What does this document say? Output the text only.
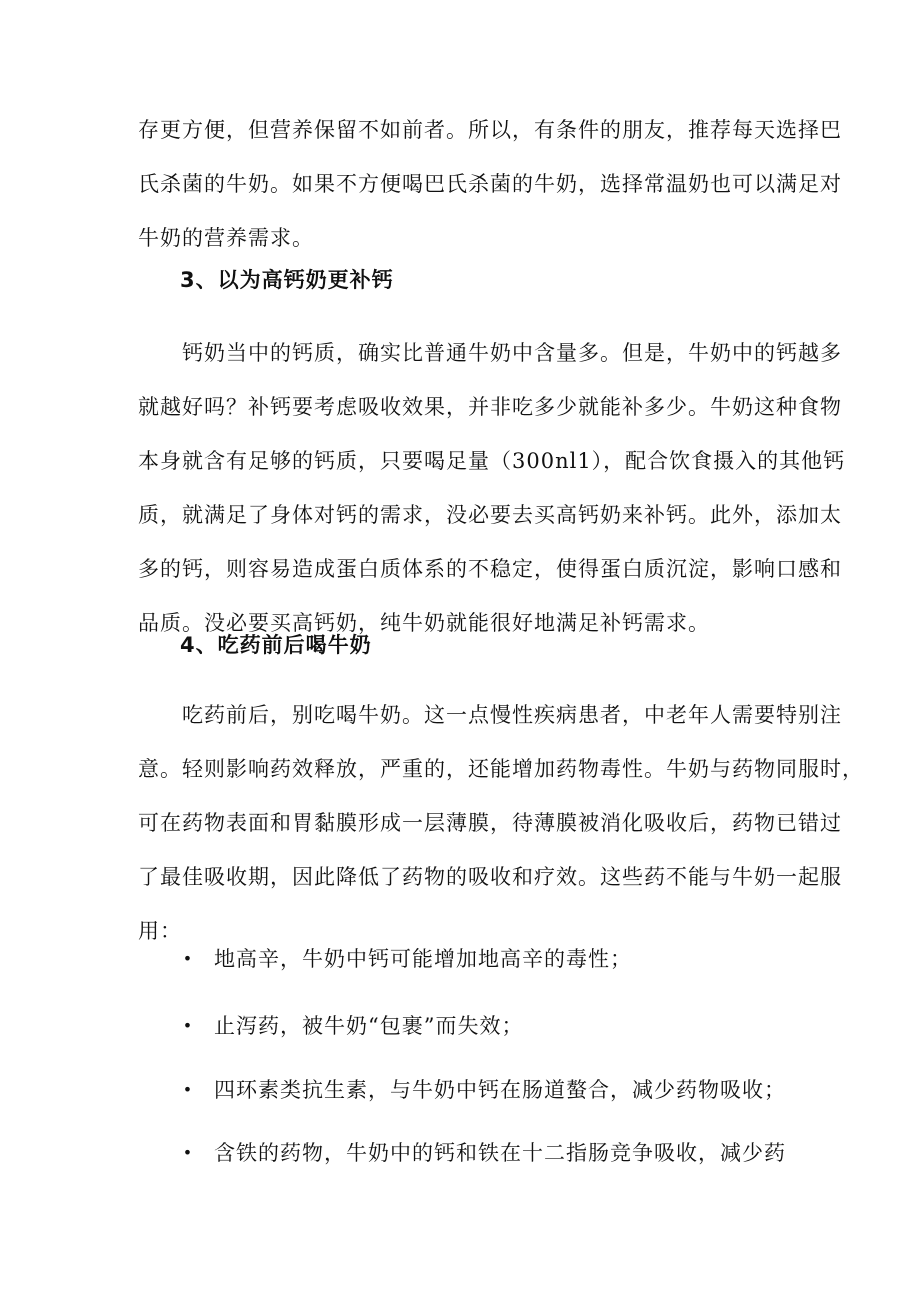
存更方便，但营养保留不如前者。所以，有条件的朋友，推荐每天选择巴
氏杀菌的牛奶。如果不方便喝巴氏杀菌的牛奶，选择常温奶也可以满足对
牛奶的营养需求。
3、以为高钙奶更补钙
　　钙奶当中的钙质，确实比普通牛奶中含量多。但是，牛奶中的钙越多
就越好吗？补钙要考虑吸收效果，并非吃多少就能补多少。牛奶这种食物
本身就含有足够的钙质，只要喝足量（300nl1），配合饮食摄入的其他钙
质，就满足了身体对钙的需求，没必要去买高钙奶来补钙。此外，添加太
多的钙，则容易造成蛋白质体系的不稳定，使得蛋白质沉淀，影响口感和
品质。没必要买高钙奶，纯牛奶就能很好地满足补钙需求。
4、吃药前后喝牛奶
　　吃药前后，别吃喝牛奶。这一点慢性疾病患者，中老年人需要特别注
意。轻则影响药效释放，严重的，还能增加药物毒性。牛奶与药物同服时，
可在药物表面和胃黏膜形成一层薄膜，待薄膜被消化吸收后，药物已错过
了最佳吸收期，因此降低了药物的吸收和疗效。这些药不能与牛奶一起服
用：
• 地高辛，牛奶中钙可能增加地高辛的毒性；
• 止泻药，被牛奶“包裹”而失效；
• 四环素类抗生素，与牛奶中钙在肠道螯合，减少药物吸收；
• 含铁的药物，牛奶中的钙和铁在十二指肠竞争吸收，减少药
